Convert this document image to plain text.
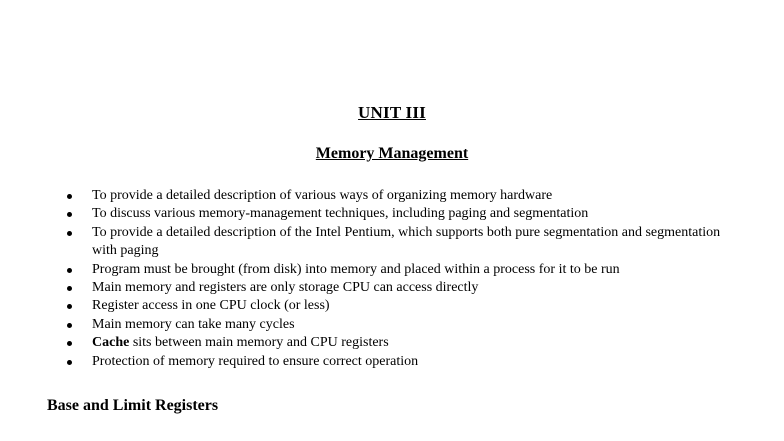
UNIT III
Memory Management
To provide a detailed description of various ways of organizing memory hardware
To discuss various memory-management techniques, including paging and segmentation
To provide a detailed description of the Intel Pentium, which supports both pure segmentation and segmentation with paging
Program must be brought (from disk) into memory and placed within a process for it to be run
Main memory and registers are only storage CPU can access directly
Register access in one CPU clock (or less)
Main memory can take many cycles
Cache sits between main memory and CPU registers
Protection of memory required to ensure correct operation
Base and Limit Registers
